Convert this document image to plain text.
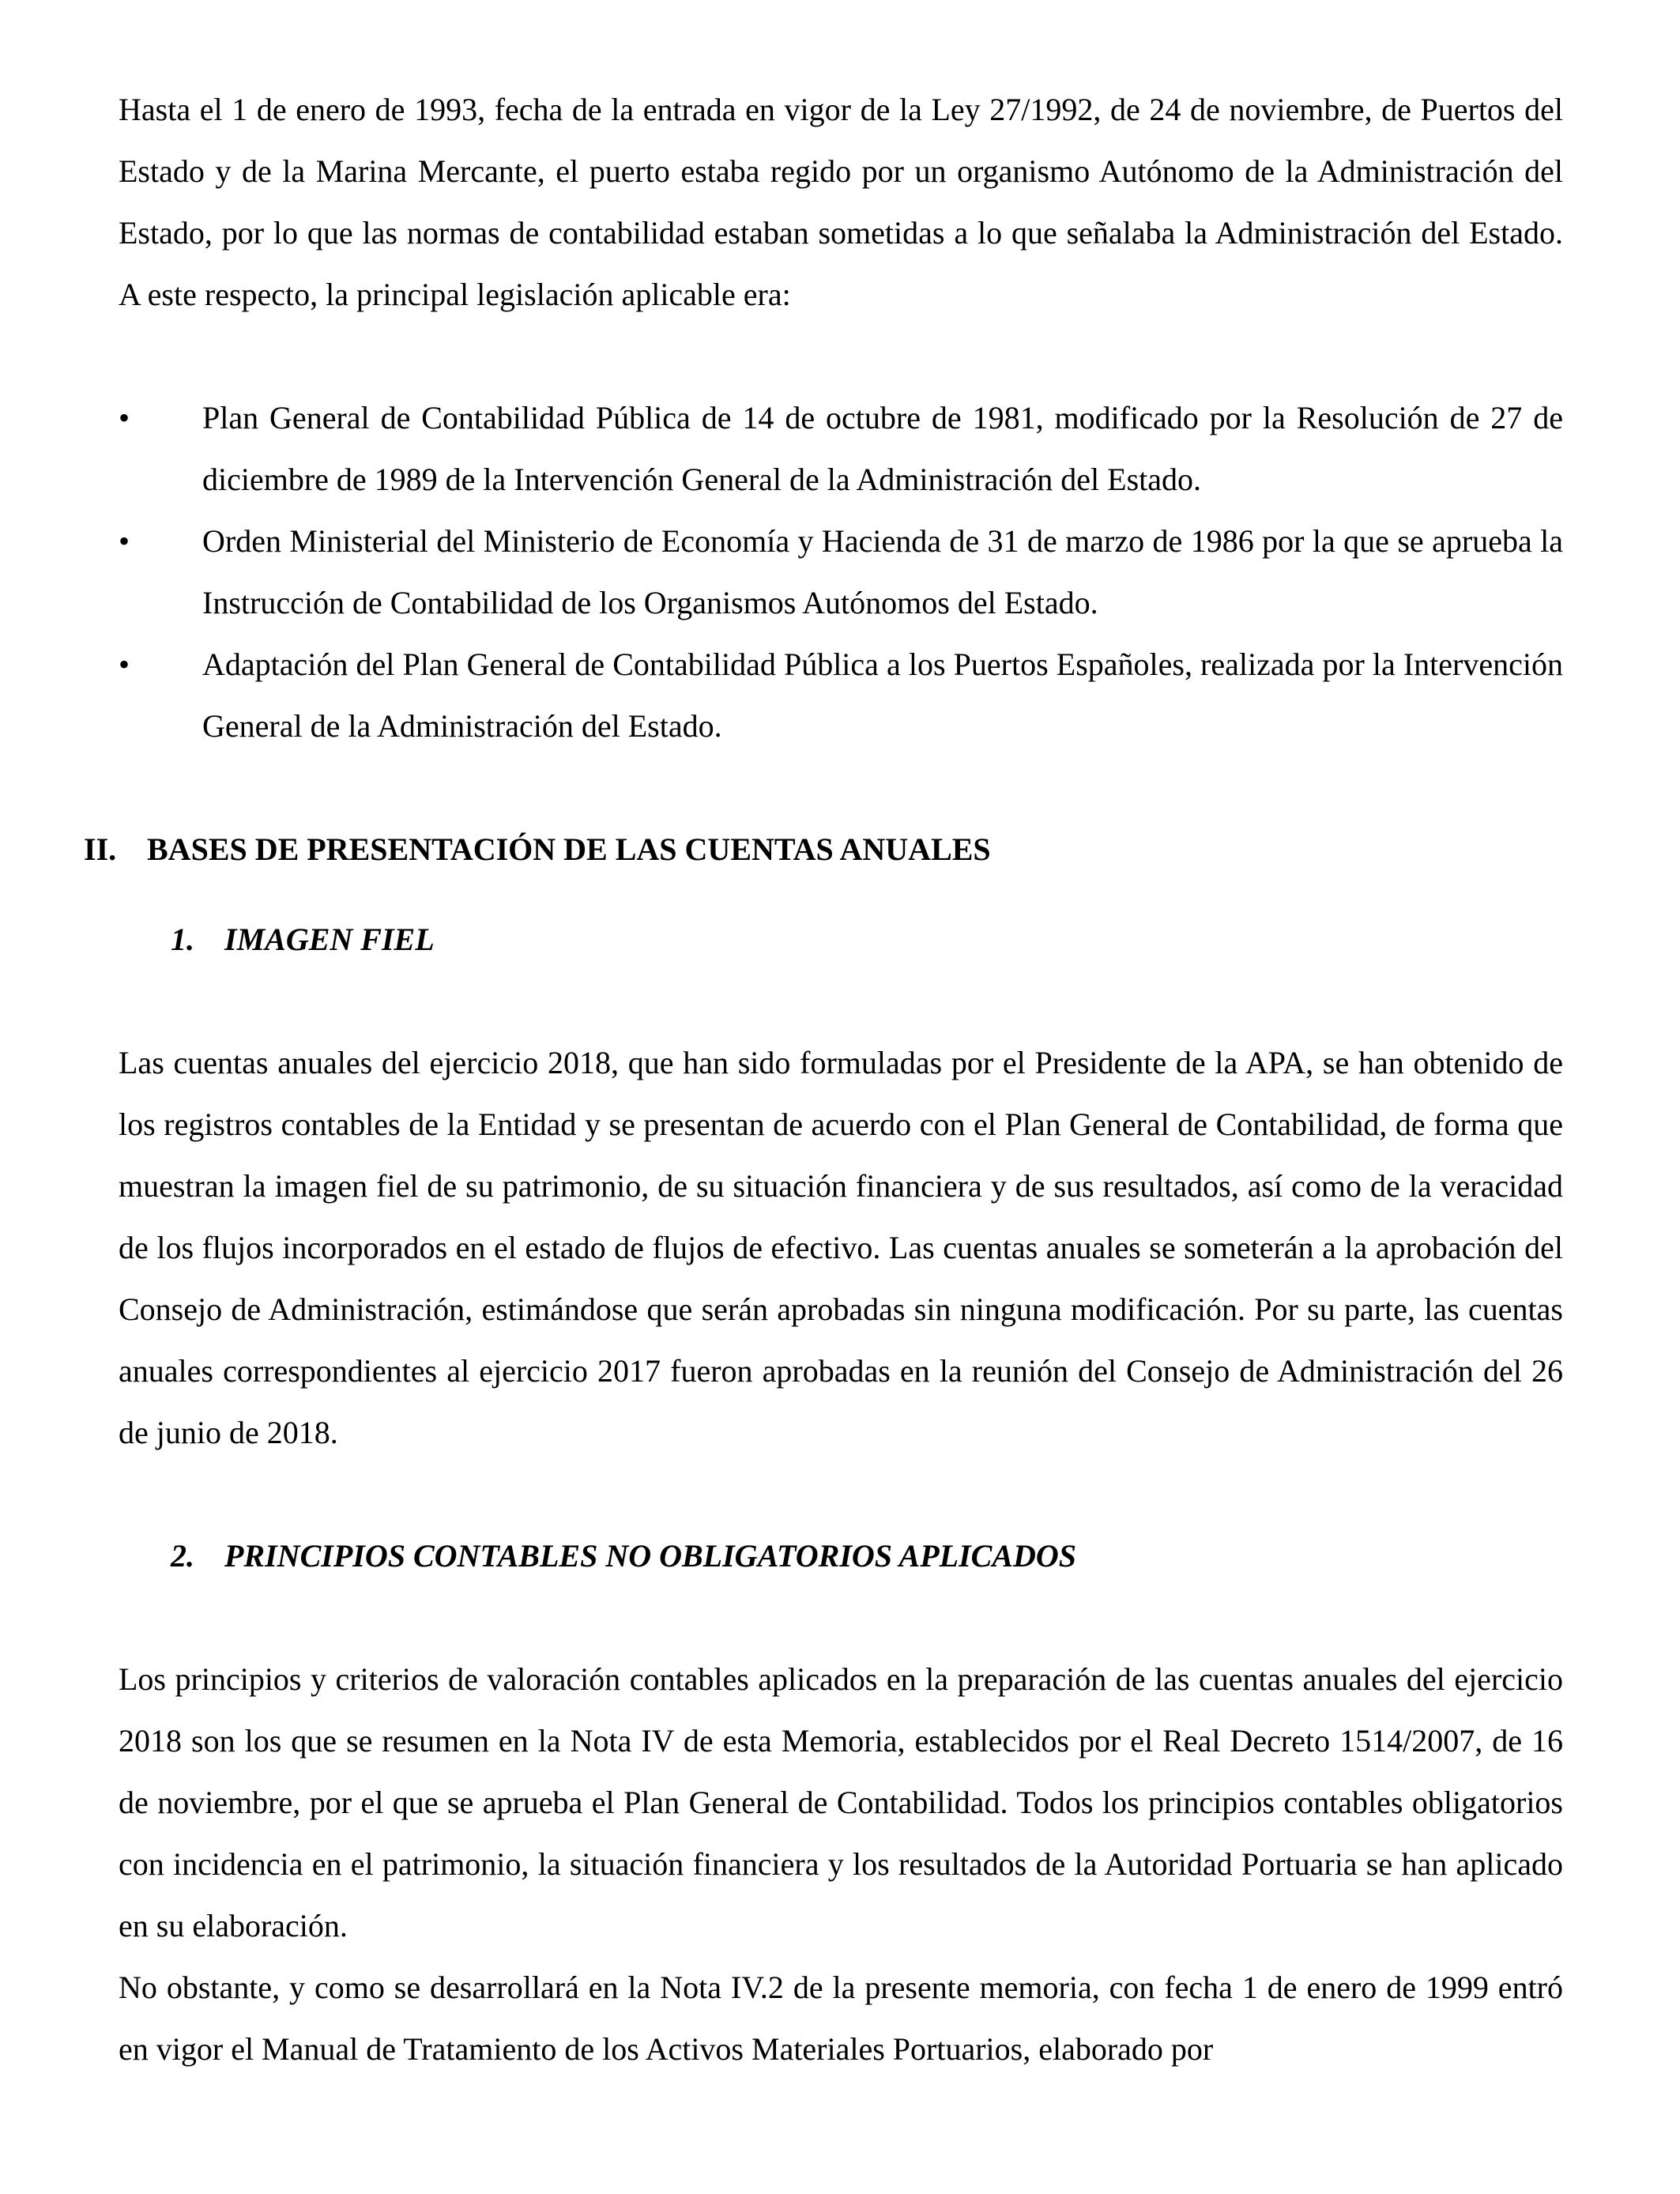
Hasta el 1 de enero de 1993, fecha de la entrada en vigor de la Ley 27/1992, de 24 de noviembre, de Puertos del Estado y de la Marina Mercante, el puerto estaba regido por un organismo Autónomo de la Administración del Estado, por lo que las normas de contabilidad estaban sometidas a lo que señalaba la Administración del Estado. A este respecto, la principal legislación aplicable era:

•	Plan General de Contabilidad Pública de 14 de octubre de 1981, modificado por la Resolución de 27 de diciembre de 1989 de la Intervención General de la Administración del Estado.
•	Orden Ministerial del Ministerio de Economía y Hacienda de 31 de marzo de 1986 por la que se aprueba la Instrucción de Contabilidad de los Organismos Autónomos del Estado.
•	Adaptación del Plan General de Contabilidad Pública a los Puertos Españoles, realizada por la Intervención General de la Administración del Estado.
II. BASES DE PRESENTACIÓN DE LAS CUENTAS ANUALES
1. IMAGEN FIEL

Las cuentas anuales del ejercicio 2018, que han sido formuladas por el Presidente de la APA, se han obtenido de los registros contables de la Entidad y se presentan de acuerdo con el Plan General de Contabilidad, de forma que muestran la imagen fiel de su patrimonio, de su situación financiera y de sus resultados, así como de la veracidad de los flujos incorporados en el estado de flujos de efectivo. Las cuentas anuales se someterán a la aprobación del Consejo de Administración, estimándose que serán aprobadas sin ninguna modificación. Por su parte, las cuentas anuales correspondientes al ejercicio 2017 fueron aprobadas en la reunión del Consejo de Administración del 26 de junio de 2018.

2. PRINCIPIOS CONTABLES NO OBLIGATORIOS APLICADOS

Los principios y criterios de valoración contables aplicados en la preparación de las cuentas anuales del ejercicio 2018 son los que se resumen en la Nota IV de esta Memoria, establecidos por el Real Decreto 1514/2007, de 16 de noviembre, por el que se aprueba el Plan General de Contabilidad. Todos los principios contables obligatorios con incidencia en el patrimonio, la situación financiera y los resultados de la Autoridad Portuaria se han aplicado en su elaboración.

No obstante, y como se desarrollará en la Nota IV.2 de la presente memoria, con fecha 1 de enero de 1999 entró en vigor el Manual de Tratamiento de los Activos Materiales Portuarios, elaborado por
